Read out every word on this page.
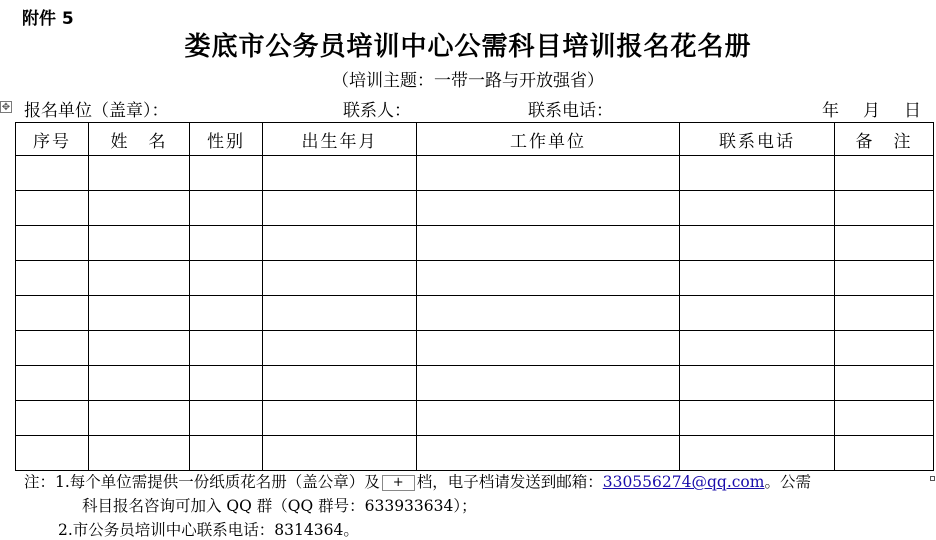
附件 5
娄底市公务员培训中心公需科目培训报名花名册
（培训主题：一带一路与开放强省）
✥ 报名单位（盖章）：	联系人：	联系电话：	年 月 日
序号	姓　名	性别	出生年月	工作单位	联系电话	备　注

注：1.每个单位需提供一份纸质花名册（盖公章）及 + 档，电子档请发送到邮箱：330556274@qq.com。公需
科目报名咨询可加入 QQ 群（QQ 群号：633933634）；
2.市公务员培训中心联系电话：8314364。
